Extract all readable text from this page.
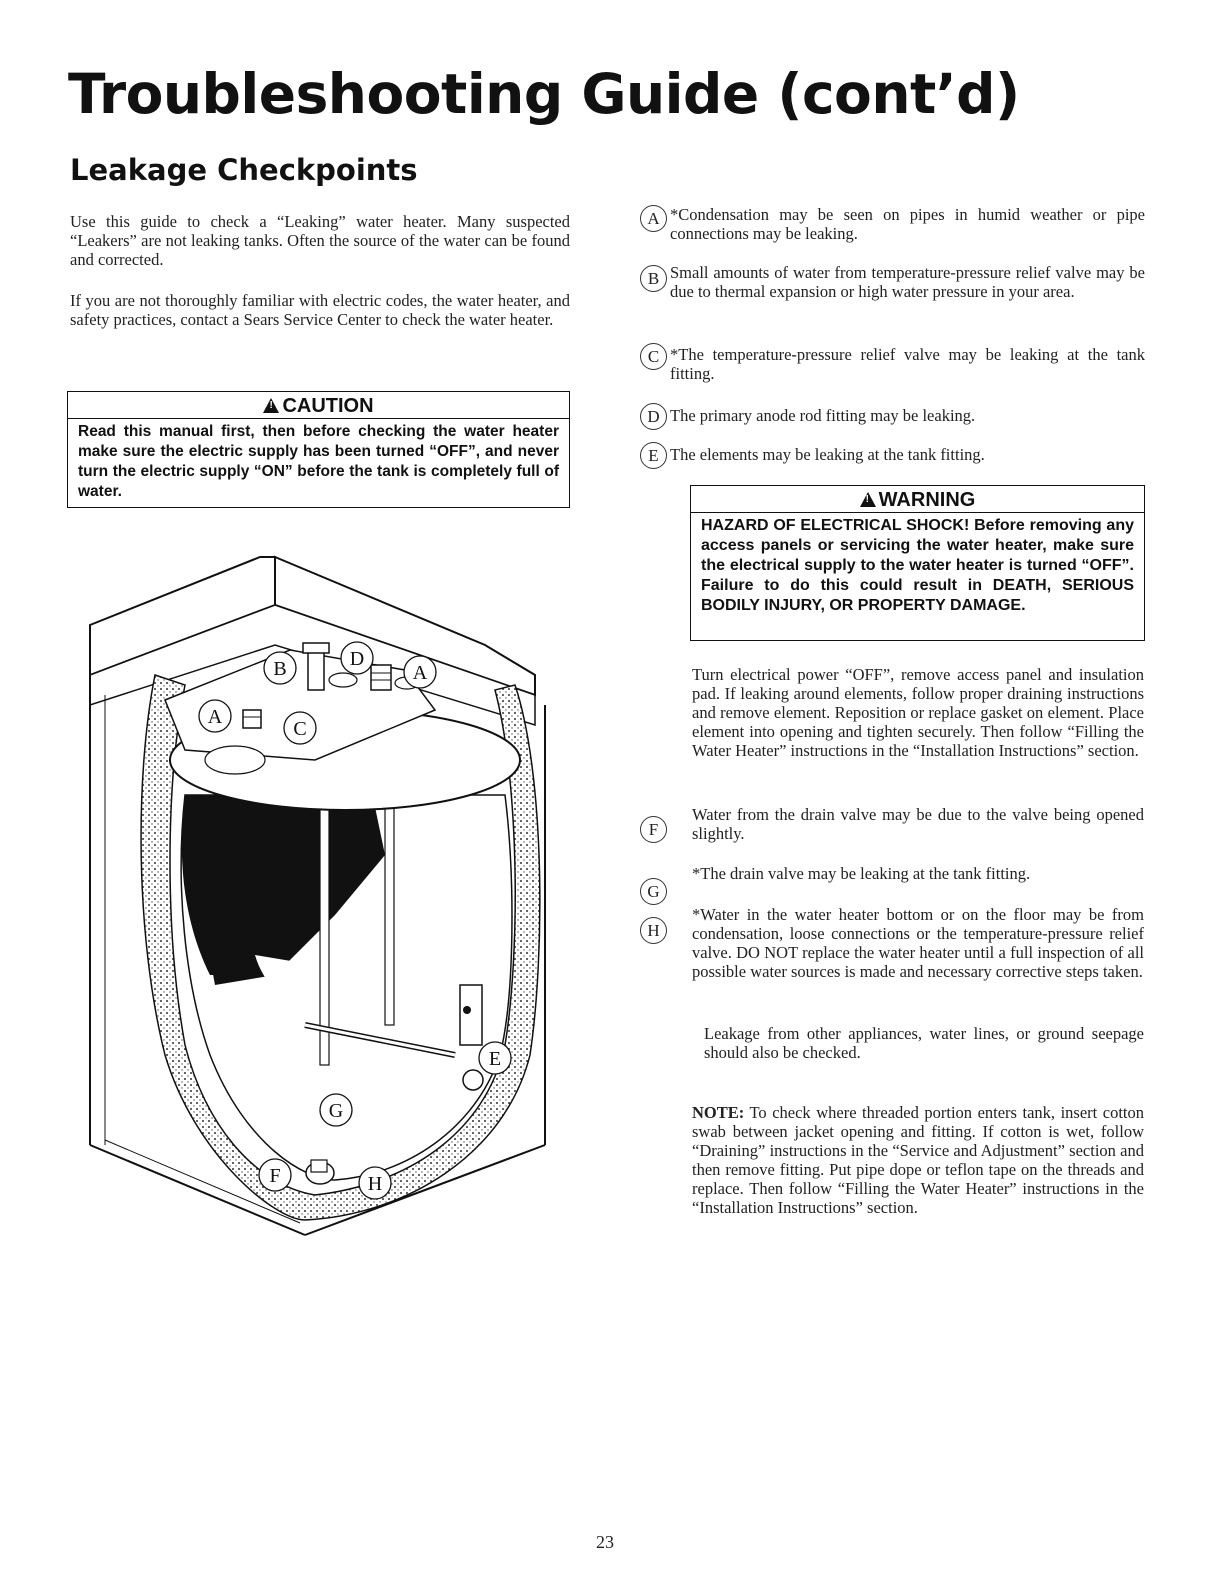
Troubleshooting Guide (cont’d)
Leakage Checkpoints

Use this guide to check a “Leaking” water heater. Many suspected “Leakers” are not leaking tanks. Often the source of the water can be found and corrected.

If you are not thoroughly familiar with electric codes, the water heater, and safety practices, contact a Sears Service Center to check the water heater.

! CAUTION
Read this manual first, then before checking the water heater make sure the electric supply has been turned “OFF”, and never turn the electric supply “ON” before the tank is completely full of water.
A *Condensation may be seen on pipes in humid weather or pipe connections may be leaking.
B Small amounts of water from temperature-pressure relief valve may be due to thermal expansion or high water pressure in your area.
C *The temperature-pressure relief valve may be leaking at the tank fitting.
D The primary anode rod fitting may be leaking.
E The elements may be leaking at the tank fitting.
! WARNING
HAZARD OF ELECTRICAL SHOCK! Before removing any access panels or servicing the water heater, make sure the electrical supply to the water heater is turned “OFF”. Failure to do this could result in DEATH, SERIOUS BODILY INJURY, OR PROPERTY DAMAGE.

Turn electrical power “OFF”, remove access panel and insulation pad. If leaking around elements, follow proper draining instructions and remove element. Reposition or replace gasket on element. Place element into opening and tighten securely. Then follow “Filling the Water Heater” instructions in the “Installation Instructions” section.

F

Water from the drain valve may be due to the valve being opened slightly.

G

*The drain valve may be leaking at the tank fitting.

H

*Water in the water heater bottom or on the floor may be from condensation, loose connections or the temperature-pressure relief valve. DO NOT replace the water heater until a full inspection of all possible water sources is made and necessary corrective steps taken.

Leakage from other appliances, water lines, or ground seepage should also be checked.

NOTE: To check where threaded portion enters tank, insert cotton swab between jacket opening and fitting. If cotton is wet, follow “Draining” instructions in the “Service and Adjustment” section and then remove fitting. Put pipe dope or teflon tape on the threads and replace. Then follow “Filling the Water Heater” instructions in the “Installation Instructions” section.

B	D
A
A
C
E
G
F	H
23
